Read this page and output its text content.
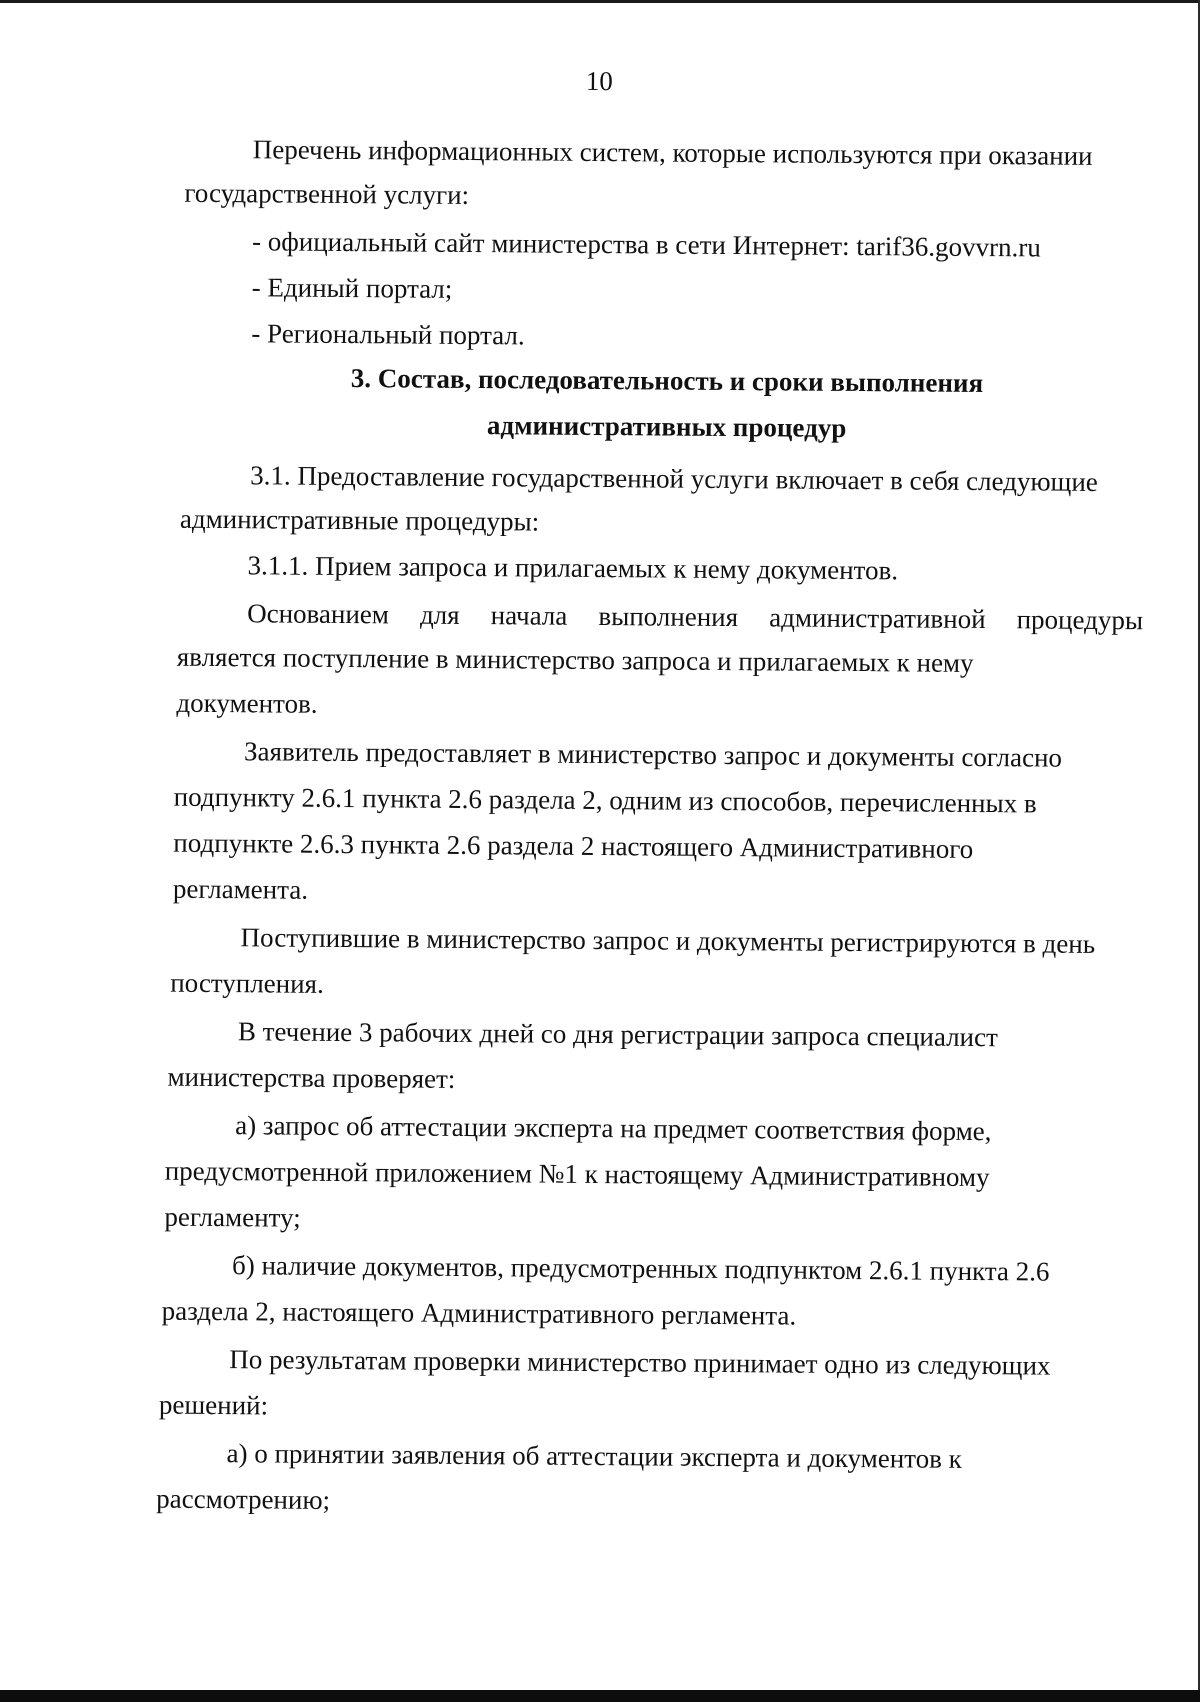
10

Перечень информационных систем, которые используются при оказании

государственной услуги:

- официальный сайт министерства в сети Интернет: tarif36.govvrn.ru

- Единый портал;

- Региональный портал.

3. Состав, последовательность и сроки выполнения

административных процедур

3.1. Предоставление государственной услуги включает в себя следующие

административные процедуры:

3.1.1. Прием запроса и прилагаемых к нему документов.

Основанием для начала выполнения административной процедуры

является поступление в министерство запроса и прилагаемых к нему

документов.

Заявитель предоставляет в министерство запрос и документы согласно

подпункту 2.6.1 пункта 2.6 раздела 2, одним из способов, перечисленных в

подпункте 2.6.3 пункта 2.6 раздела 2 настоящего Административного

регламента.

Поступившие в министерство запрос и документы регистрируются в день

поступления.

В течение 3 рабочих дней со дня регистрации запроса специалист

министерства проверяет:

а) запрос об аттестации эксперта на предмет соответствия форме,

предусмотренной приложением №1 к настоящему Административному

регламенту;

б) наличие документов, предусмотренных подпунктом 2.6.1 пункта 2.6

раздела 2, настоящего Административного регламента.

По результатам проверки министерство принимает одно из следующих

решений:

а) о принятии заявления об аттестации эксперта и документов к

рассмотрению;
